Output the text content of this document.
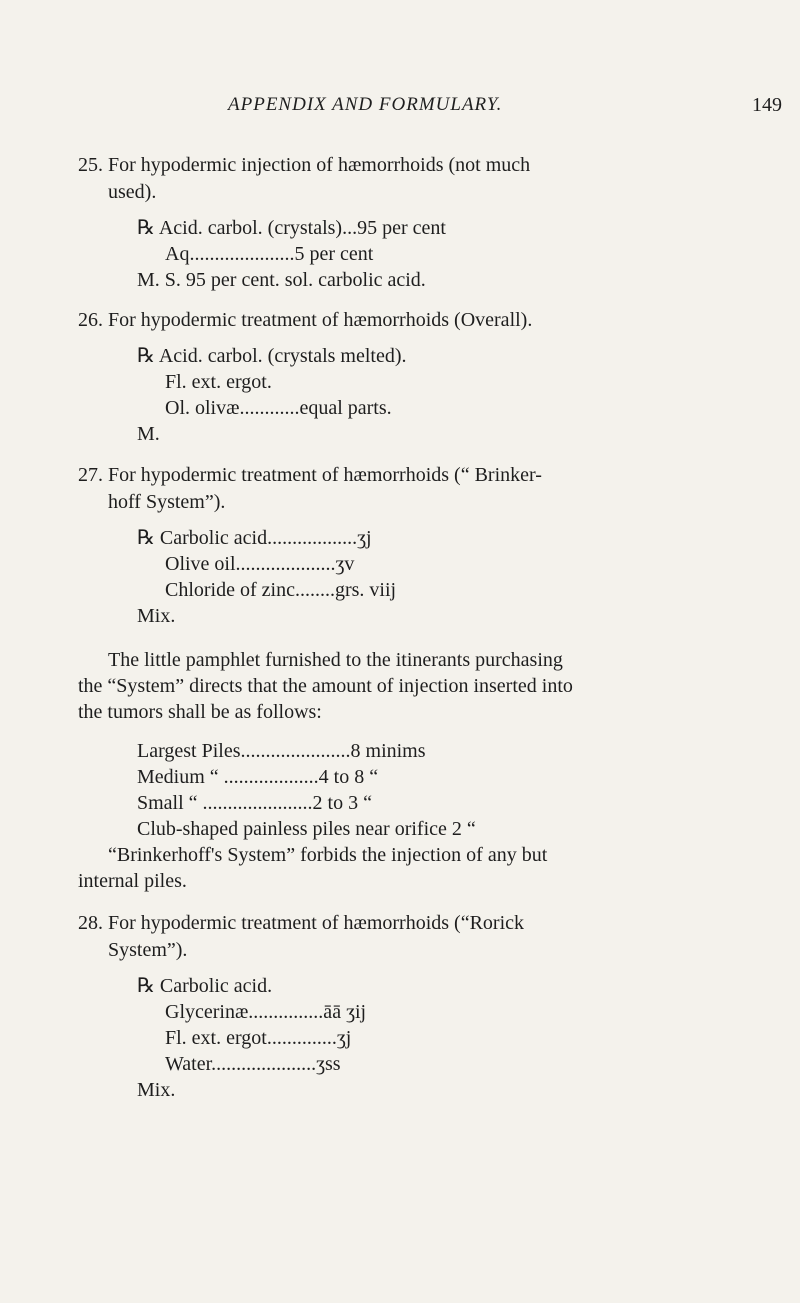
APPENDIX AND FORMULARY.	149
25. For hypodermic injection of hæmorrhoids (not much
used).
℞ Acid. carbol. (crystals)...95 per cent
Aq.....................5 per cent
M. S. 95 per cent. sol. carbolic acid.
26. For hypodermic treatment of hæmorrhoids (Overall).
℞ Acid. carbol. (crystals melted).
Fl. ext. ergot.
Ol. olivæ............equal parts.
M.
27. For hypodermic treatment of hæmorrhoids (“ Brinker-
hoff System”).
℞ Carbolic acid..................ʒj
Olive oil....................ʒv
Chloride of zinc........grs. viij
Mix.
The little pamphlet furnished to the itinerants purchasing
the “System” directs that the amount of injection inserted into
the tumors shall be as follows:
Largest Piles......................8 minims
Medium “ ...................4 to 8 “
Small “ ......................2 to 3 “
Club-shaped painless piles near orifice 2 “
“Brinkerhoff's System” forbids the injection of any but
internal piles.
28. For hypodermic treatment of hæmorrhoids (“Rorick
System”).
℞ Carbolic acid.
Glycerinæ...............āā ʒij
Fl. ext. ergot..............ʒj
Water.....................ʒss
Mix.
